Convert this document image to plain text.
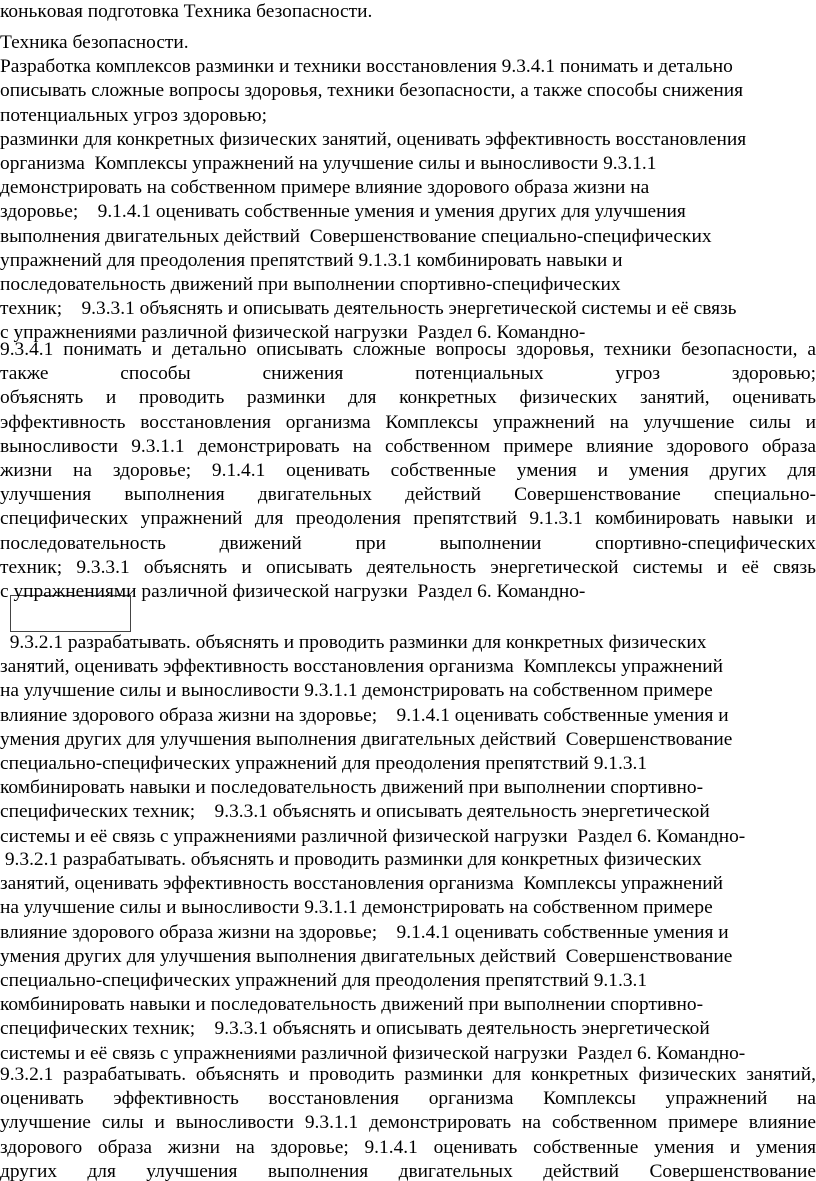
конькoвая подготовка Техника безопасности.
Техника безопасности.
Разработка комплексов разминки и техники восстановления 9.3.4.1 понимать и детально
описывать сложные вопросы здоровья, техники безопасности, а также способы снижения
потенциальных угроз здоровью;
разминки для конкретных физических занятий, оценивать эффективность восстановления
организма  Комплексы упражнений на улучшение силы и выносливости 9.3.1.1
демонстрировать на собственном примере влияние здорового образа жизни на
здоровье;    9.1.4.1 оценивать собственные умения и умения других для улучшения
выполнения двигательных действий  Совершенствование специально-специфических
упражнений для преодоления препятствий 9.1.3.1 комбинировать навыки и
последовательность движений при выполнении спортивно-специфических
техник;    9.3.3.1 объяснять и описывать деятельность энергетической системы и её связь
с упражнениями различной физической нагрузки  Раздел 6. Командно-
9.3.4.1 понимать и детально описывать сложные вопросы здоровья, техники безопасности, а
также способы снижения потенциальных угроз здоровью;
объяснять и проводить разминки для конкретных физических занятий, оценивать
эффективность восстановления организма Комплексы упражнений на улучшение силы и
выносливости 9.3.1.1 демонстрировать на собственном примере влияние здорового образа
жизни на здоровье; 9.1.4.1 оценивать собственные умения и умения других для
улучшения выполнения двигательных действий Совершенствование специально-
специфических упражнений для преодоления препятствий 9.1.3.1 комбинировать навыки и
последовательность движений при выполнении спортивно-специфических
техник; 9.3.3.1 объяснять и описывать деятельность энергетической системы и её связь
с упражнениями различной физической нагрузки  Раздел 6. Командно-
9.3.2.1 разрабатывать. объяснять и проводить разминки для конкретных физических
занятий, оценивать эффективность восстановления организма  Комплексы упражнений
на улучшение силы и выносливости 9.3.1.1 демонстрировать на собственном примере
влияние здорового образа жизни на здоровье;    9.1.4.1 оценивать собственные умения и
умения других для улучшения выполнения двигательных действий  Совершенствование
специально-специфических упражнений для преодоления препятствий 9.1.3.1
комбинировать навыки и последовательность движений при выполнении спортивно-
специфических техник;    9.3.3.1 объяснять и описывать деятельность энергетической
системы и её связь с упражнениями различной физической нагрузки  Раздел 6. Командно-
9.3.2.1 разрабатывать. объяснять и проводить разминки для конкретных физических
занятий, оценивать эффективность восстановления организма  Комплексы упражнений
на улучшение силы и выносливости 9.3.1.1 демонстрировать на собственном примере
влияние здорового образа жизни на здоровье;    9.1.4.1 оценивать собственные умения и
умения других для улучшения выполнения двигательных действий  Совершенствование
специально-специфических упражнений для преодоления препятствий 9.1.3.1
комбинировать навыки и последовательность движений при выполнении спортивно-
специфических техник;    9.3.3.1 объяснять и описывать деятельность энергетической
системы и её связь с упражнениями различной физической нагрузки  Раздел 6. Командно-
9.3.2.1 разрабатывать. объяснять и проводить разминки для конкретных физических занятий,
оценивать эффективность восстановления организма Комплексы упражнений на
улучшение силы и выносливости 9.3.1.1 демонстрировать на собственном примере влияние
здорового образа жизни на здоровье; 9.1.4.1 оценивать собственные умения и умения
других для улучшения выполнения двигательных действий Совершенствование
